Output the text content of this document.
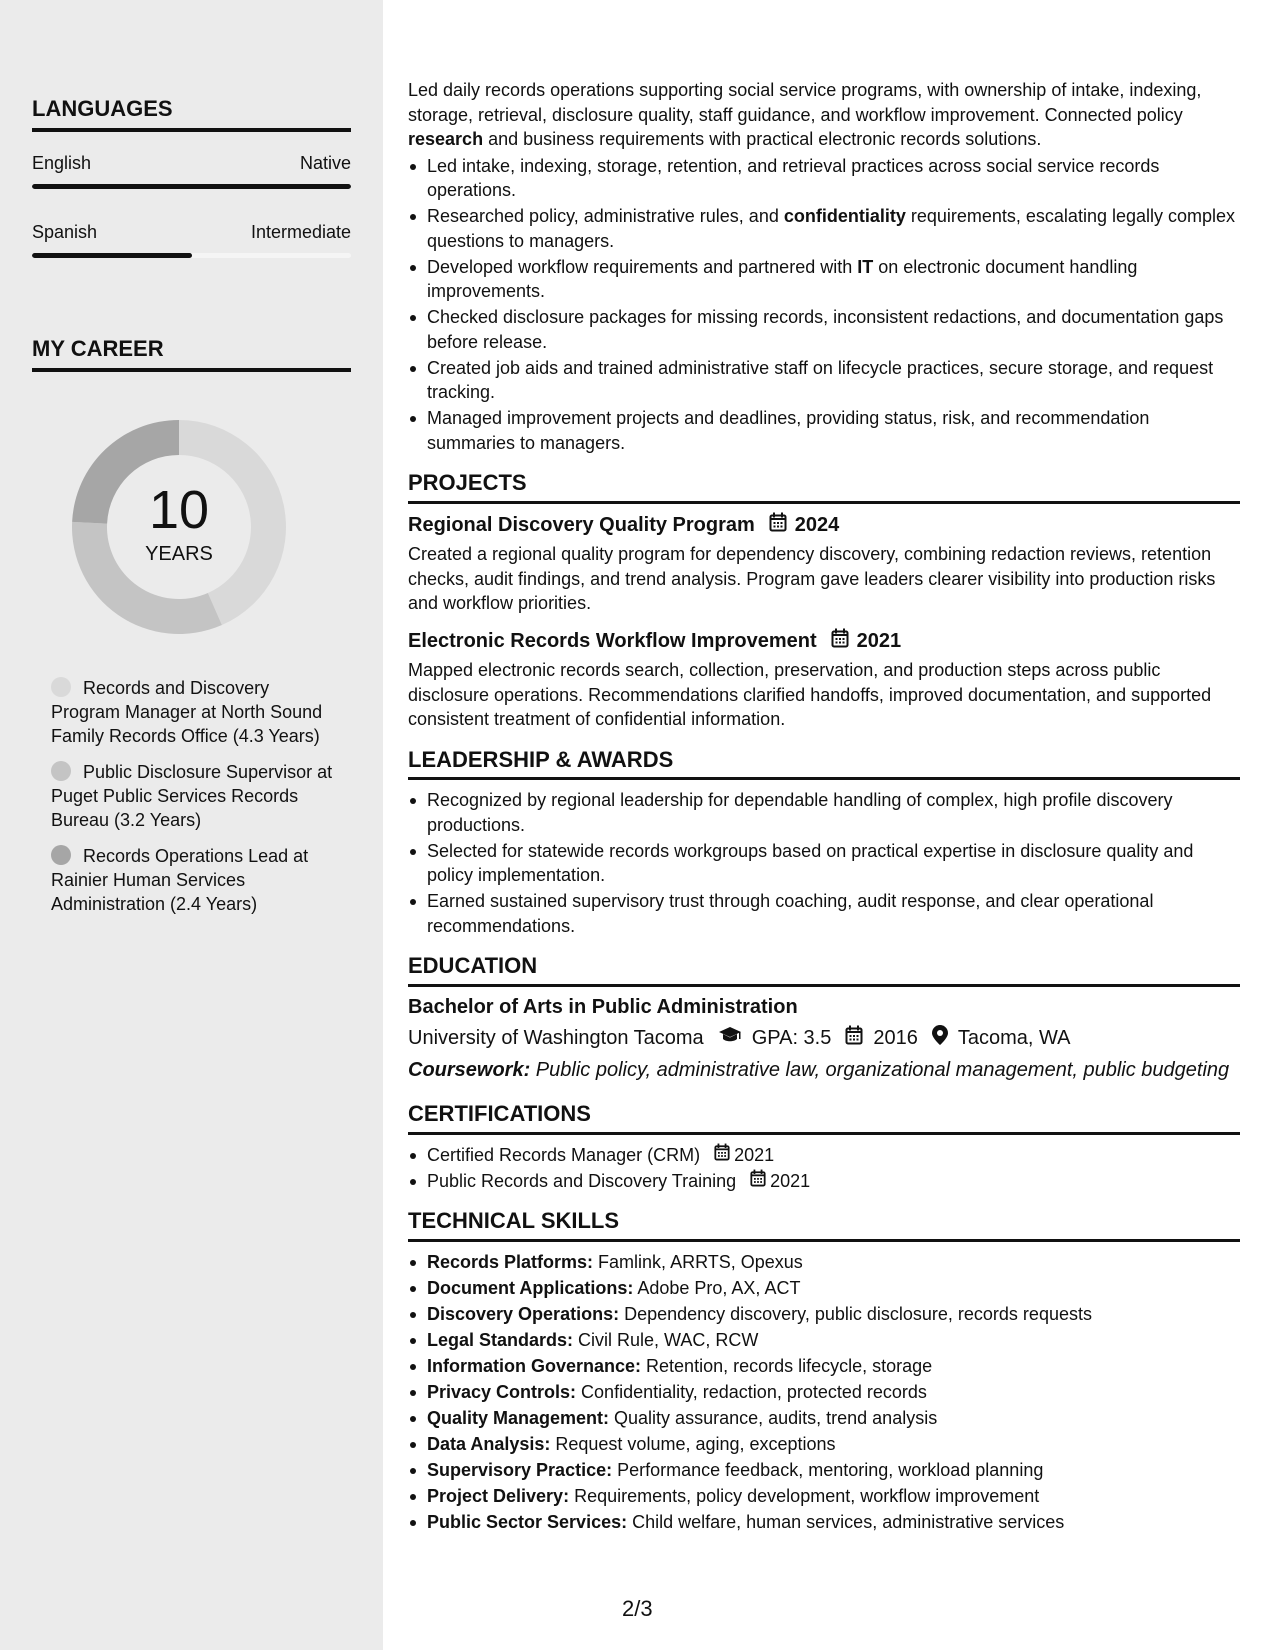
LANGUAGES
English	Native
Spanish	Intermediate
MY CAREER
10
YEARS
Records and Discovery Program Manager at North Sound Family Records Office (4.3 Years)
Public Disclosure Supervisor at Puget Public Services Records Bureau (3.2 Years)
Records Operations Lead at Rainier Human Services Administration (2.4 Years)

Led daily records operations supporting social service programs, with ownership of intake, indexing, storage, retrieval, disclosure quality, staff guidance, and workflow improvement. Connected policy research and business requirements with practical electronic records solutions.

Led intake, indexing, storage, retention, and retrieval practices across social service records operations.
Researched policy, administrative rules, and confidentiality requirements, escalating legally complex questions to managers.
Developed workflow requirements and partnered with IT on electronic document handling improvements.
Checked disclosure packages for missing records, inconsistent redactions, and documentation gaps before release.
Created job aids and trained administrative staff on lifecycle practices, secure storage, and request tracking.
Managed improvement projects and deadlines, providing status, risk, and recommendation summaries to managers.
PROJECTS
Regional Discovery Quality Program 2024

Created a regional quality program for dependency discovery, combining redaction reviews, retention checks, audit findings, and trend analysis. Program gave leaders clearer visibility into production risks and workflow priorities.

Electronic Records Workflow Improvement 2021

Mapped electronic records search, collection, preservation, and production steps across public disclosure operations. Recommendations clarified handoffs, improved documentation, and supported consistent treatment of confidential information.

LEADERSHIP & AWARDS
Recognized by regional leadership for dependable handling of complex, high profile discovery productions.
Selected for statewide records workgroups based on practical expertise in disclosure quality and policy implementation.
Earned sustained supervisory trust through coaching, audit response, and clear operational recommendations.
EDUCATION
Bachelor of Arts in Public Administration
University of Washington Tacoma GPA: 3.5 2016 Tacoma, WA
Coursework: Public policy, administrative law, organizational management, public budgeting
CERTIFICATIONS
Certified Records Manager (CRM) 2021
Public Records and Discovery Training 2021
TECHNICAL SKILLS
Records Platforms: Famlink, ARRTS, Opexus
Document Applications: Adobe Pro, AX, ACT
Discovery Operations: Dependency discovery, public disclosure, records requests
Legal Standards: Civil Rule, WAC, RCW
Information Governance: Retention, records lifecycle, storage
Privacy Controls: Confidentiality, redaction, protected records
Quality Management: Quality assurance, audits, trend analysis
Data Analysis: Request volume, aging, exceptions
Supervisory Practice: Performance feedback, mentoring, workload planning
Project Delivery: Requirements, policy development, workflow improvement
Public Sector Services: Child welfare, human services, administrative services
2/3
